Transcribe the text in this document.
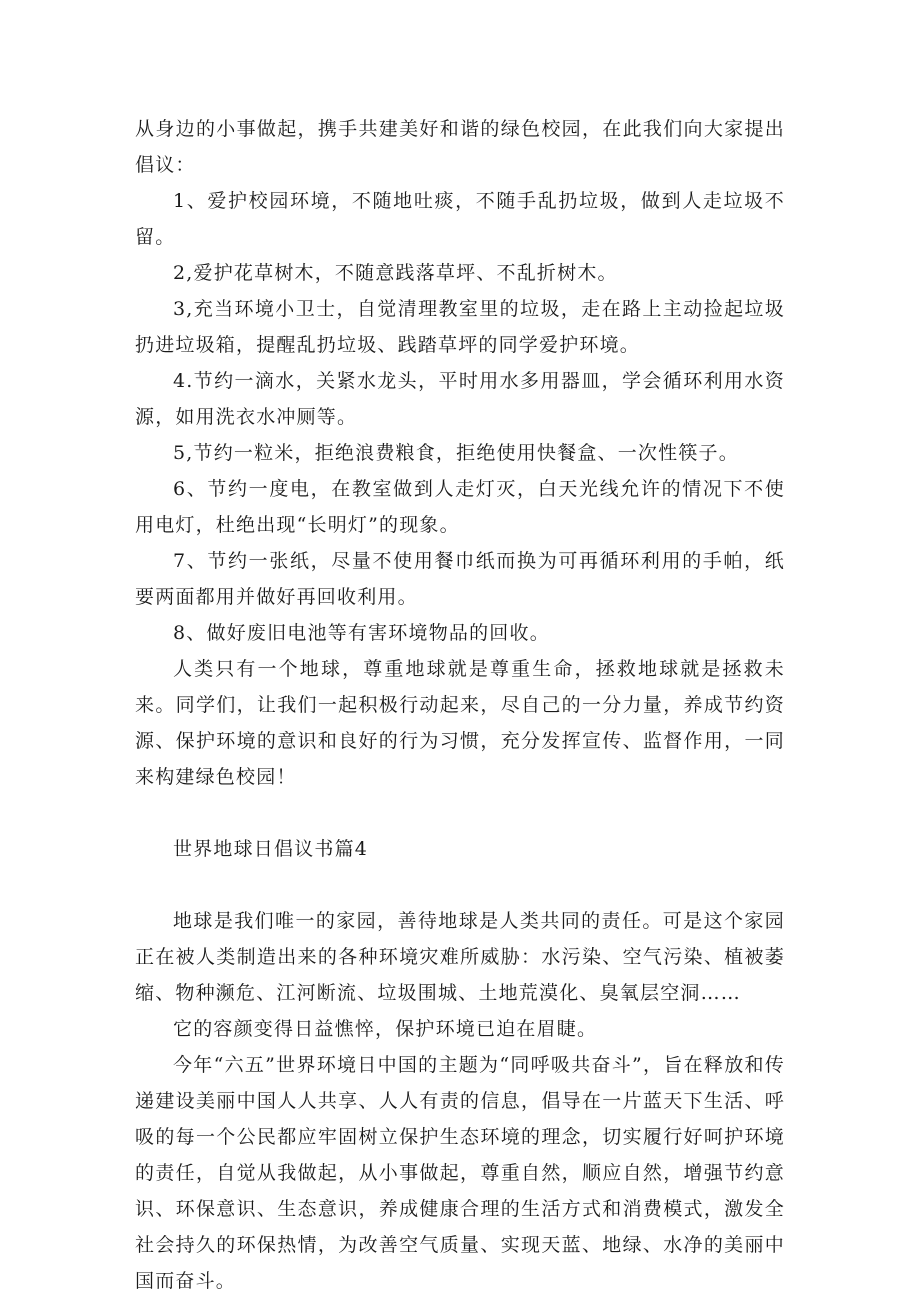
从身边的小事做起，携手共建美好和谐的绿色校园，在此我们向大家提出倡议：

1、爱护校园环境，不随地吐痰，不随手乱扔垃圾，做到人走垃圾不留。

2,爱护花草树木，不随意践落草坪、不乱折树木。

3,充当环境小卫士，自觉清理教室里的垃圾，走在路上主动捡起垃圾扔进垃圾箱，提醒乱扔垃圾、践踏草坪的同学爱护环境。

4.节约一滴水，关紧水龙头，平时用水多用器皿，学会循环利用水资源，如用洗衣水冲厕等。

5,节约一粒米，拒绝浪费粮食，拒绝使用快餐盒、一次性筷子。

6、节约一度电，在教室做到人走灯灭，白天光线允许的情况下不使用电灯，杜绝出现“长明灯”的现象。

7、节约一张纸，尽量不使用餐巾纸而换为可再循环利用的手帕，纸要两面都用并做好再回收利用。

8、做好废旧电池等有害环境物品的回收。

人类只有一个地球，尊重地球就是尊重生命，拯救地球就是拯救未来。同学们，让我们一起积极行动起来，尽自己的一分力量，养成节约资源、保护环境的意识和良好的行为习惯，充分发挥宣传、监督作用，一同来构建绿色校园！

世界地球日倡议书篇4

地球是我们唯一的家园，善待地球是人类共同的责任。可是这个家园正在被人类制造出来的各种环境灾难所威胁：水污染、空气污染、植被萎缩、物种濒危、江河断流、垃圾围城、土地荒漠化、臭氧层空洞……

它的容颜变得日益憔悴，保护环境已迫在眉睫。

今年“六五”世界环境日中国的主题为“同呼吸共奋斗”，旨在释放和传递建设美丽中国人人共享、人人有责的信息，倡导在一片蓝天下生活、呼吸的每一个公民都应牢固树立保护生态环境的理念，切实履行好呵护环境的责任，自觉从我做起，从小事做起，尊重自然，顺应自然，增强节约意识、环保意识、生态意识，养成健康合理的生活方式和消费模式，激发全社会持久的环保热情，为改善空气质量、实现天蓝、地绿、水净的美丽中国而奋斗。
